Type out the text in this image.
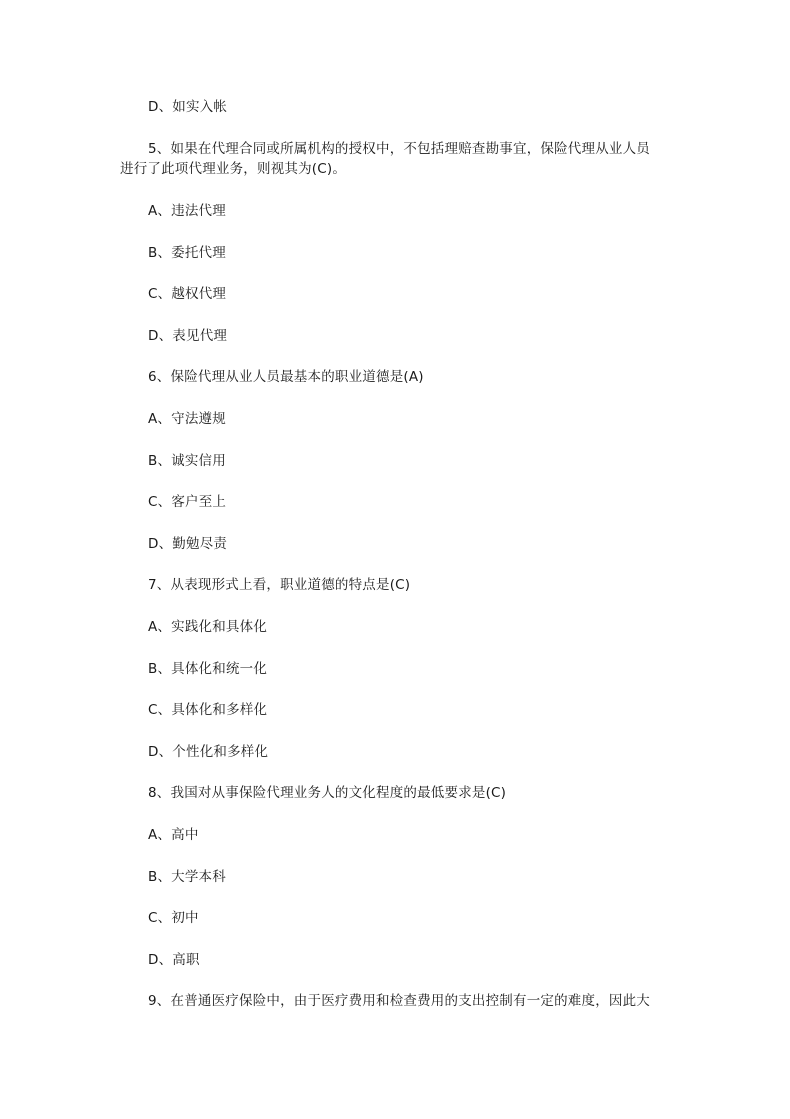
D、如实入帐
5、如果在代理合同或所属机构的授权中，不包括理赔查勘事宜，保险代理从业人员
进行了此项代理业务，则视其为(C)。
A、违法代理
B、委托代理
C、越权代理
D、表见代理
6、保险代理从业人员最基本的职业道德是(A)
A、守法遵规
B、诚实信用
C、客户至上
D、勤勉尽责
7、从表现形式上看，职业道德的特点是(C)
A、实践化和具体化
B、具体化和统一化
C、具体化和多样化
D、个性化和多样化
8、我国对从事保险代理业务人的文化程度的最低要求是(C)
A、高中
B、大学本科
C、初中
D、高职
9、在普通医疗保险中，由于医疗费用和检查费用的支出控制有一定的难度，因此大
